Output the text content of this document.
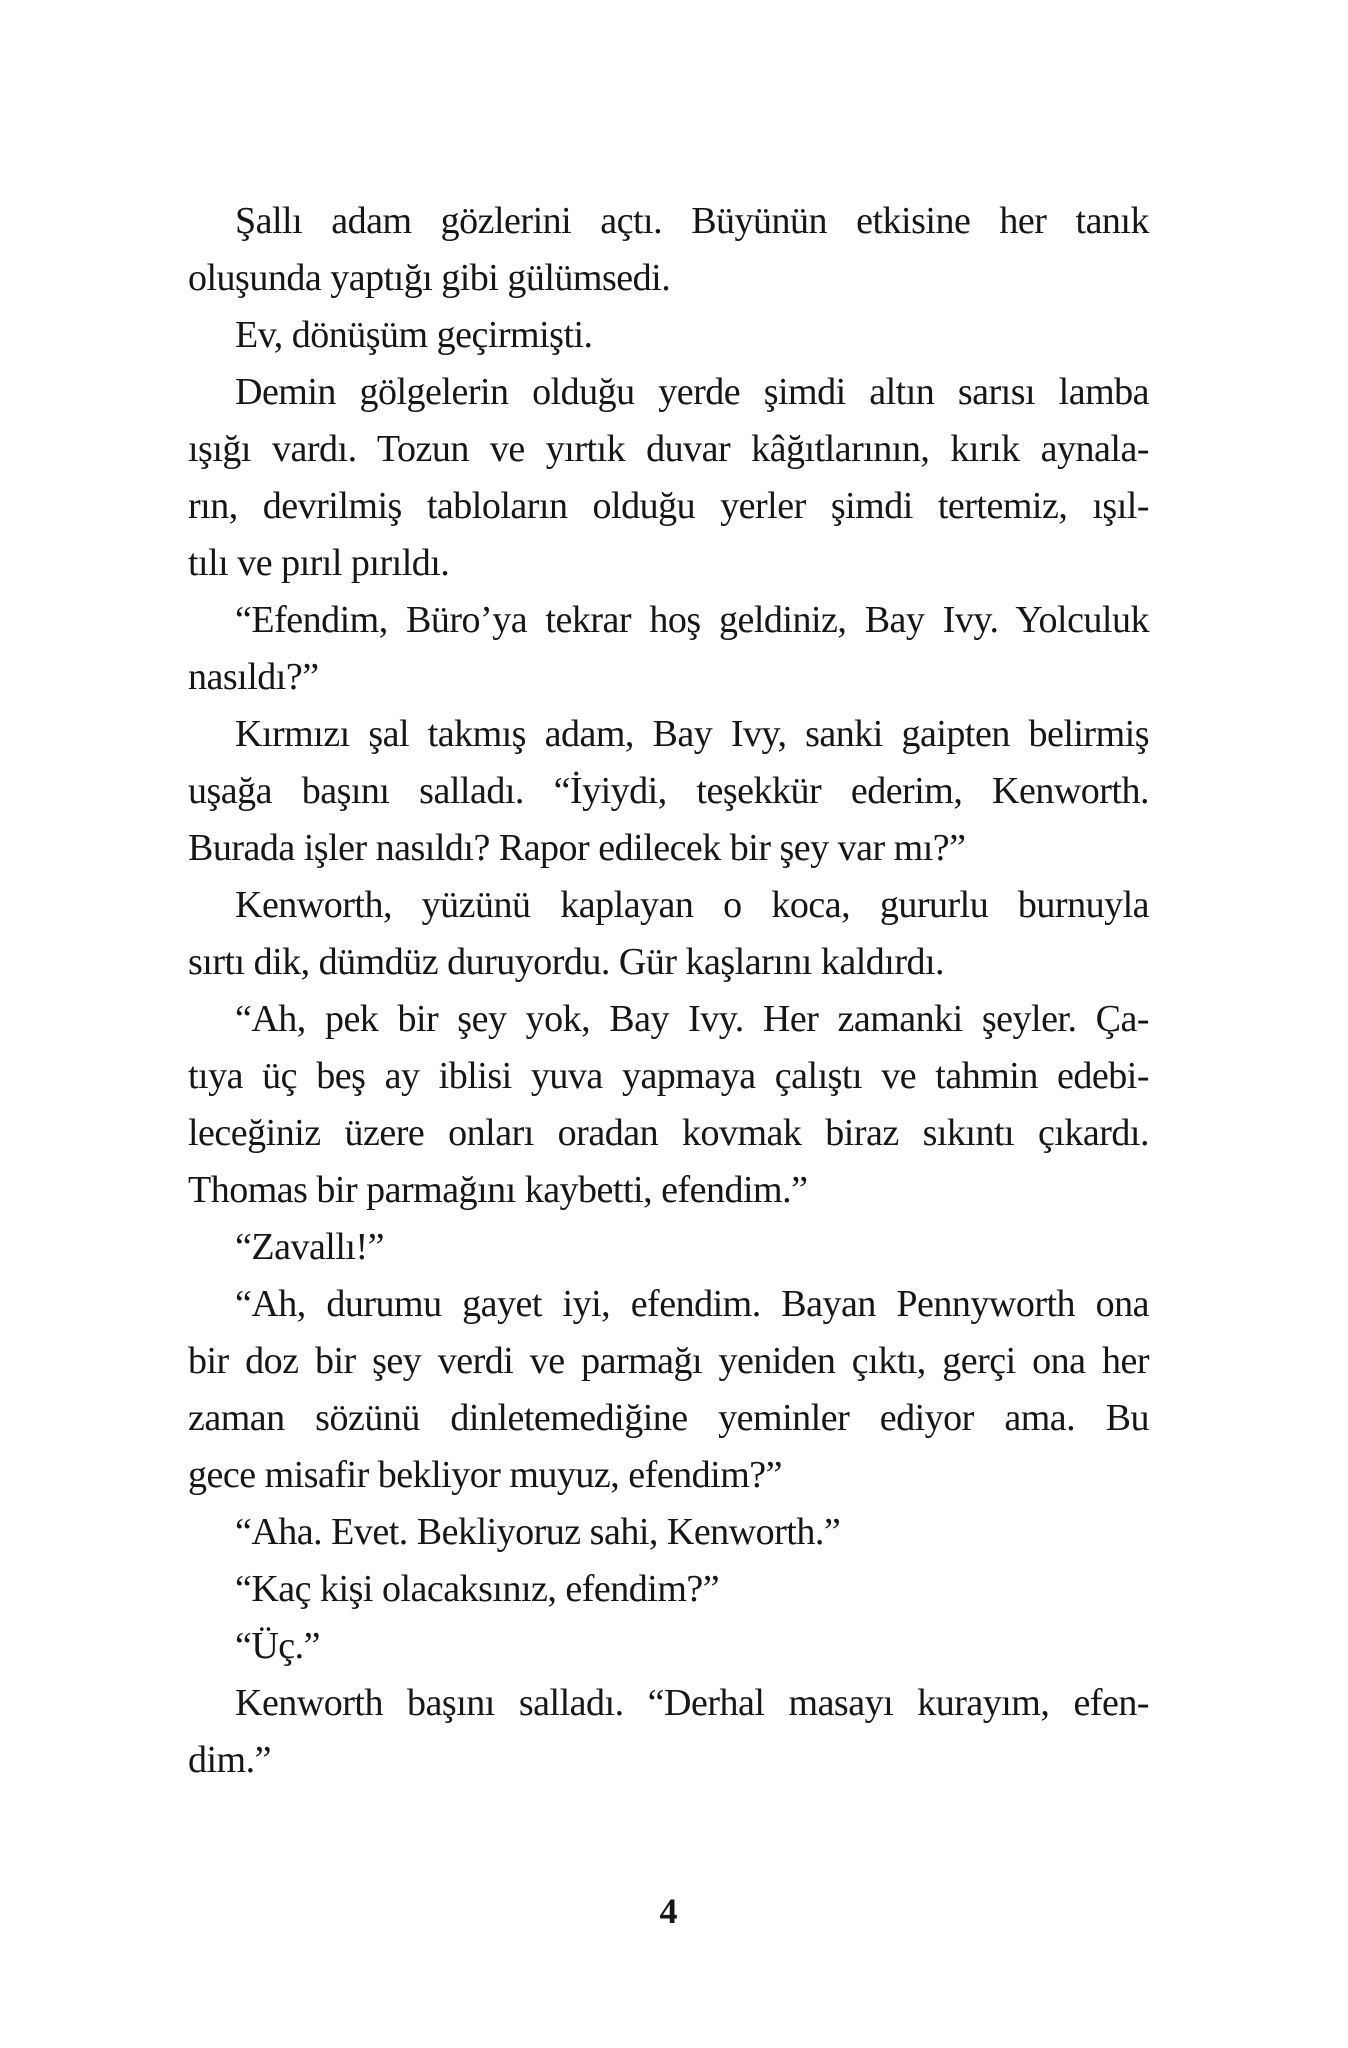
Şallı adam gözlerini açtı. Büyünün etkisine her tanık
oluşunda yaptığı gibi gülümsedi.
Ev, dönüşüm geçirmişti.
Demin gölgelerin olduğu yerde şimdi altın sarısı lamba
ışığı vardı. Tozun ve yırtık duvar kâğıtlarının, kırık aynala-
rın, devrilmiş tabloların olduğu yerler şimdi tertemiz, ışıl-
tılı ve pırıl pırıldı.
“Efendim, Büro’ya tekrar hoş geldiniz, Bay Ivy. Yolculuk
nasıldı?”
Kırmızı şal takmış adam, Bay Ivy, sanki gaipten belirmiş
uşağa başını salladı. “İyiydi, teşekkür ederim, Kenworth.
Burada işler nasıldı? Rapor edilecek bir şey var mı?”
Kenworth, yüzünü kaplayan o koca, gururlu burnuyla
sırtı dik, dümdüz duruyordu. Gür kaşlarını kaldırdı.
“Ah, pek bir şey yok, Bay Ivy. Her zamanki şeyler. Ça-
tıya üç beş ay iblisi yuva yapmaya çalıştı ve tahmin edebi-
leceğiniz üzere onları oradan kovmak biraz sıkıntı çıkardı.
Thomas bir parmağını kaybetti, efendim.”
“Zavallı!”
“Ah, durumu gayet iyi, efendim. Bayan Pennyworth ona
bir doz bir şey verdi ve parmağı yeniden çıktı, gerçi ona her
zaman sözünü dinletemediğine yeminler ediyor ama. Bu
gece misafir bekliyor muyuz, efendim?”
“Aha. Evet. Bekliyoruz sahi, Kenworth.”
“Kaç kişi olacaksınız, efendim?”
“Üç.”
Kenworth başını salladı. “Derhal masayı kurayım, efen-
dim.”
4
